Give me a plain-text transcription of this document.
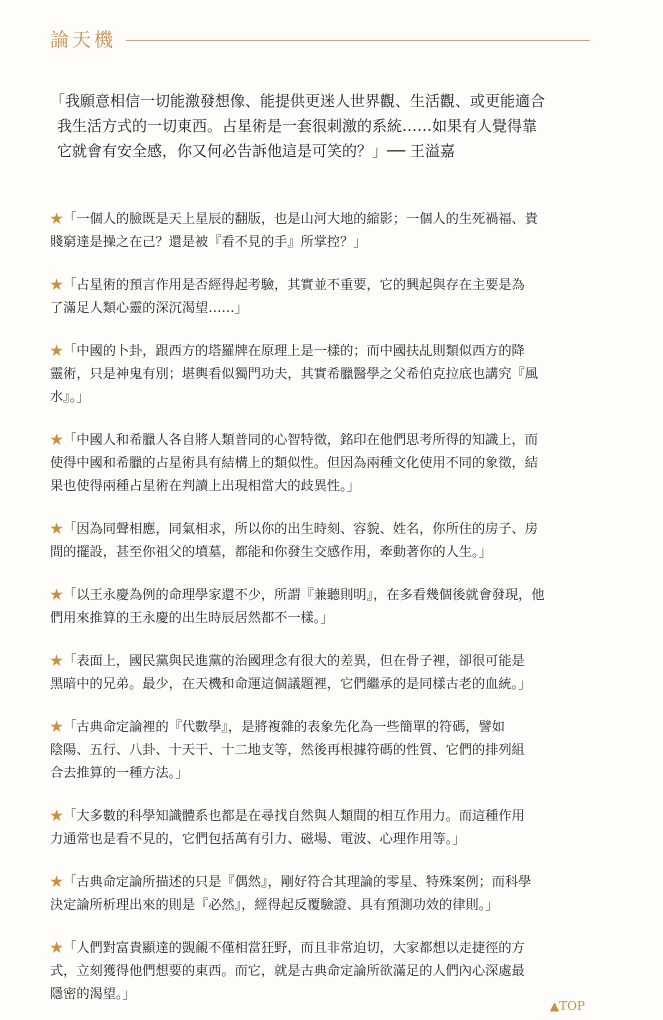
論天機

「我願意相信一切能激發想像、能提供更迷人世界觀、生活觀、或更能適合

我生活方式的一切東西。占星術是一套很刺激的系統……如果有人覺得靠

它就會有安全感，你又何必告訴他這是可笑的？」── 王溢嘉

★「一個人的臉既是天上星辰的翻版，也是山河大地的縮影；一個人的生死禍福、貴
賤窮達是操之在己？還是被『看不見的手』所掌控？」

★「占星術的預言作用是否經得起考驗，其實並不重要，它的興起與存在主要是為
了滿足人類心靈的深沉渴望……」

★「中國的卜卦，跟西方的塔羅牌在原理上是一樣的；而中國扶乩則類似西方的降
靈術，只是神鬼有別；堪輿看似獨門功夫，其實希臘醫學之父希伯克拉底也講究『風
水』。」

★「中國人和希臘人各自將人類普同的心智特徵，銘印在他們思考所得的知識上，而
使得中國和希臘的占星術具有結構上的類似性。但因為兩種文化使用不同的象徵，結
果也使得兩種占星術在判讀上出現相當大的歧異性。」

★「因為同聲相應，同氣相求，所以你的出生時刻、容貌、姓名，你所住的房子、房
間的擺設，甚至你祖父的墳墓，都能和你發生交感作用，牽動著你的人生。」

★「以王永慶為例的命理學家還不少，所謂『兼聽則明』，在多看幾個後就會發現，他
們用來推算的王永慶的出生時辰居然都不一樣。」

★「表面上，國民黨與民進黨的治國理念有很大的差異，但在骨子裡，卻很可能是
黑暗中的兄弟。最少，在天機和命運這個議題裡，它們繼承的是同樣古老的血統。」

★「古典命定論裡的『代數學』，是將複雜的表象先化為一些簡單的符碼，譬如
陰陽、五行、八卦、十天干、十二地支等，然後再根據符碼的性質、它們的排列組
合去推算的一種方法。」

★「大多數的科學知識體系也都是在尋找自然與人類間的相互作用力。而這種作用
力通常也是看不見的，它們包括萬有引力、磁場、電波、心理作用等。」

★「古典命定論所描述的只是『偶然』，剛好符合其理論的零星、特殊案例；而科學
決定論所析理出來的則是『必然』，經得起反覆驗證、具有預測功效的律則。」

★「人們對富貴顯達的覬覦不僅相當狂野，而且非常迫切，大家都想以走捷徑的方
式，立刻獲得他們想要的東西。而它，就是古典命定論所欲滿足的人們內心深處最
隱密的渴望。」

▲TOP
